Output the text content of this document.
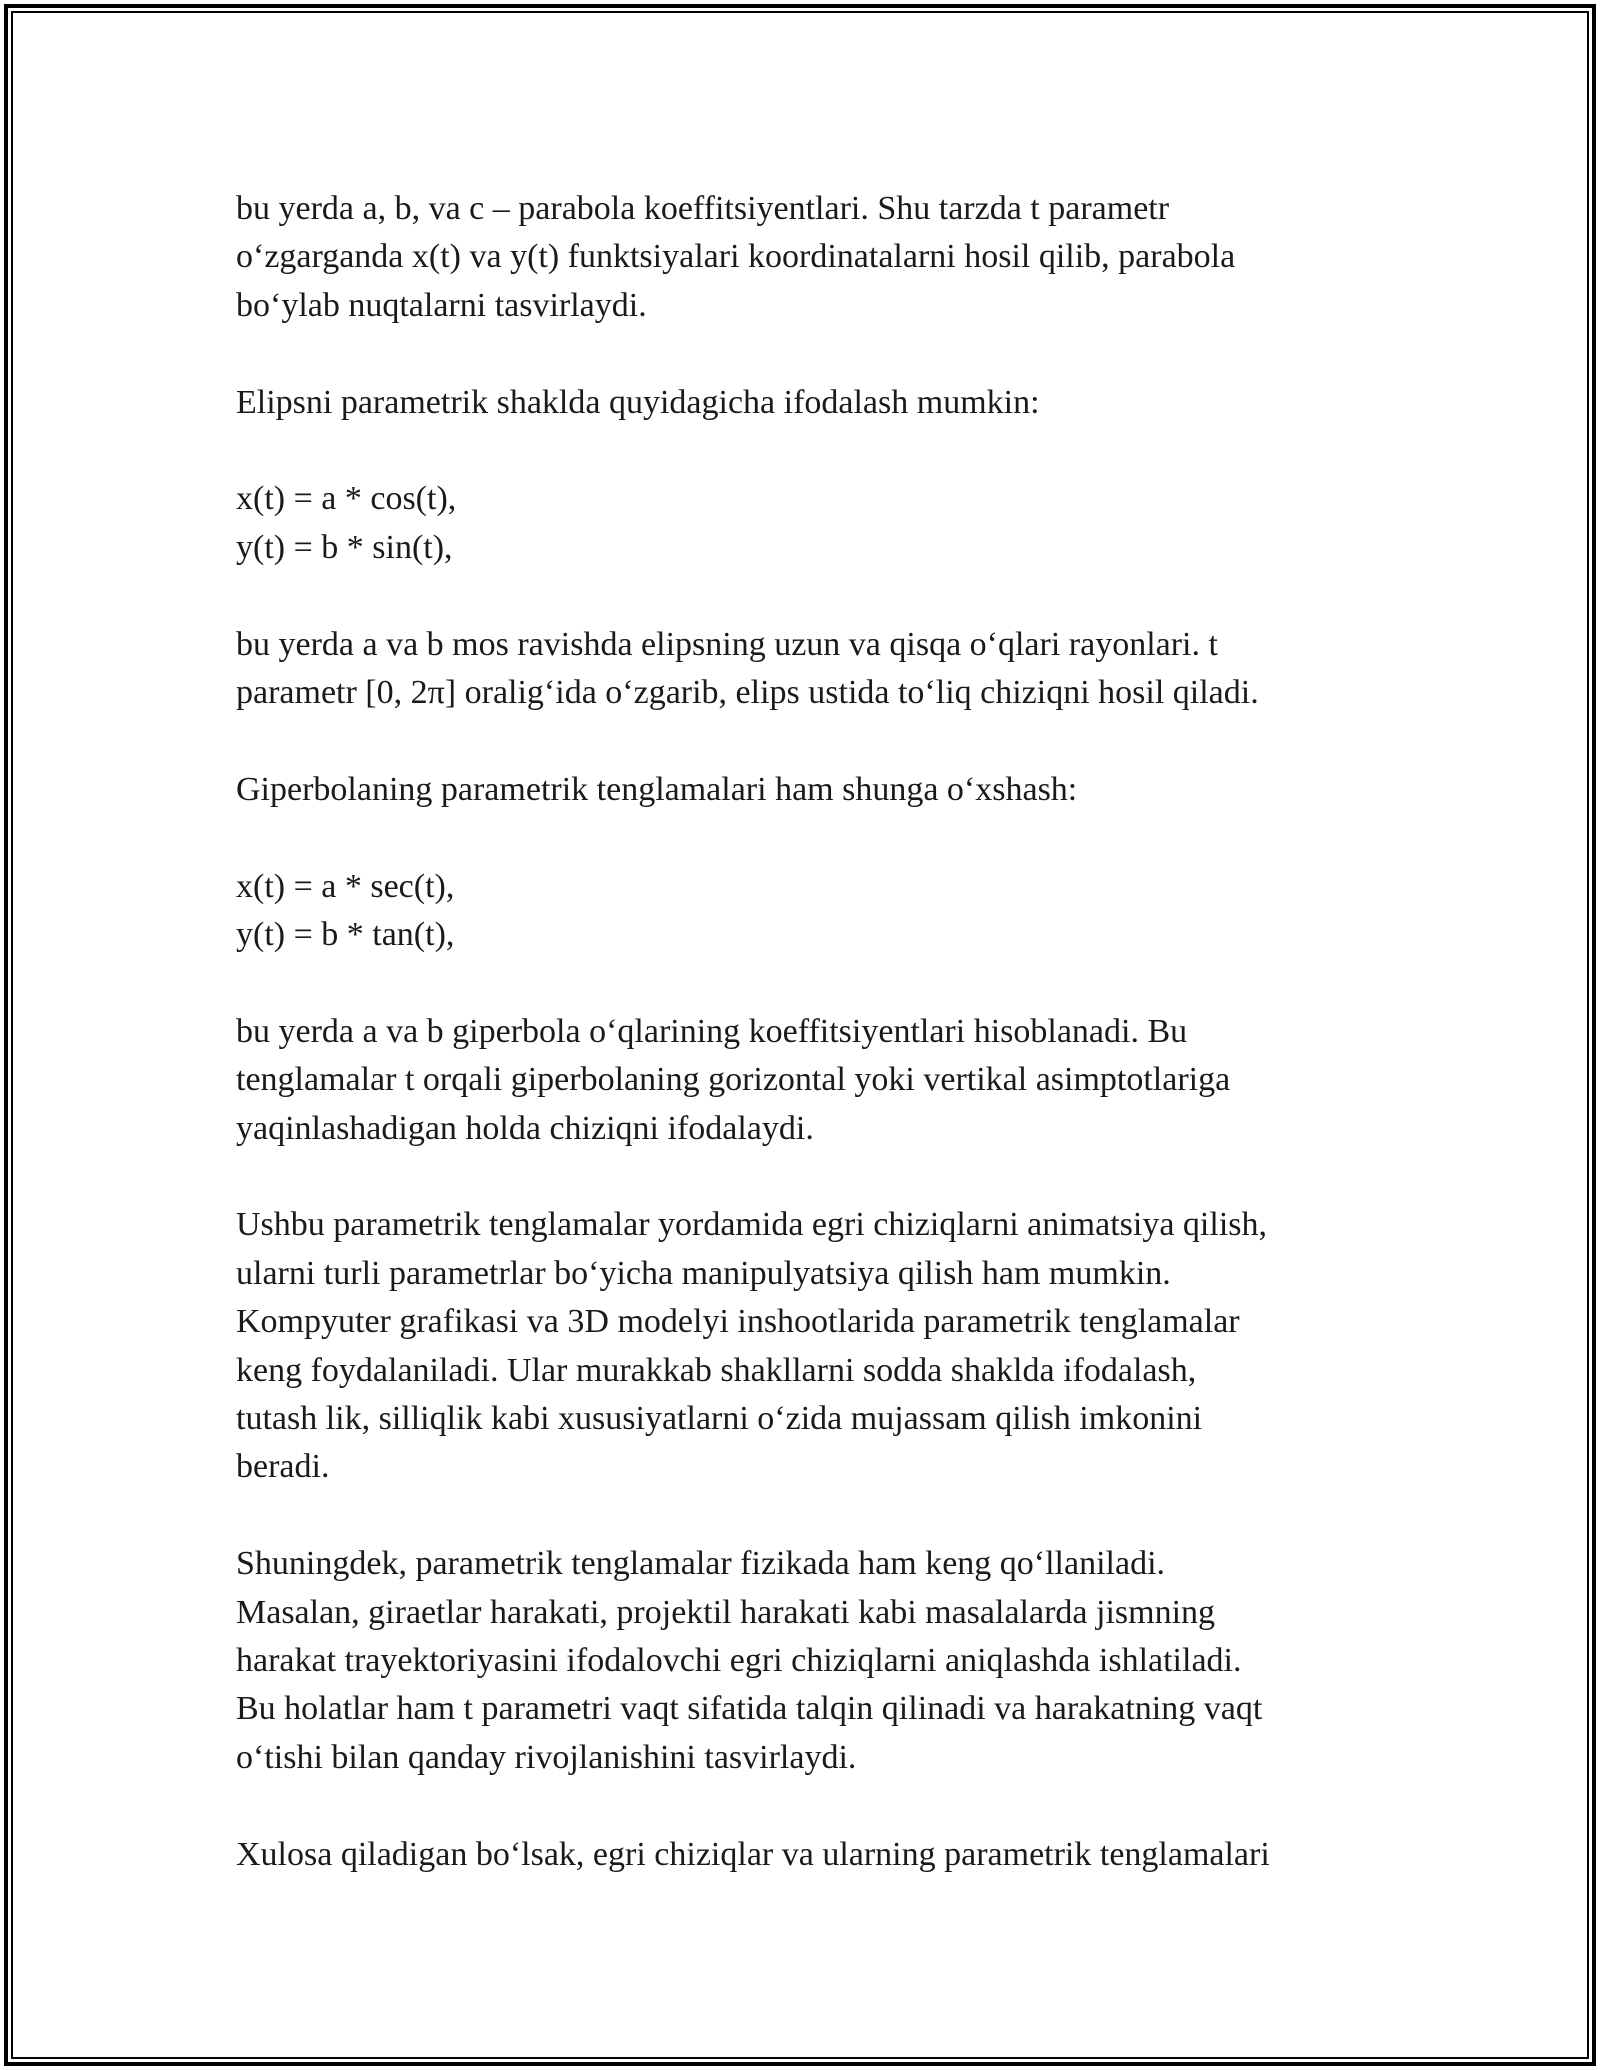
bu yerda a, b, va c – parabola koeffitsiyentlari. Shu tarzda t parametr
o‘zgarganda x(t) va y(t) funktsiyalari koordinatalarni hosil qilib, parabola
bo‘ylab nuqtalarni tasvirlaydi.

Elipsni parametrik shaklda quyidagicha ifodalash mumkin:

x(t) = a * cos(t),
y(t) = b * sin(t),

bu yerda a va b mos ravishda elipsning uzun va qisqa o‘qlari rayonlari. t
parametr [0, 2π] oralig‘ida o‘zgarib, elips ustida to‘liq chiziqni hosil qiladi.

Giperbolaning parametrik tenglamalari ham shunga o‘xshash:

x(t) = a * sec(t),
y(t) = b * tan(t),

bu yerda a va b giperbola o‘qlarining koeffitsiyentlari hisoblanadi. Bu
tenglamalar t orqali giperbolaning gorizontal yoki vertikal asimptotlariga
yaqinlashadigan holda chiziqni ifodalaydi.

Ushbu parametrik tenglamalar yordamida egri chiziqlarni animatsiya qilish,
ularni turli parametrlar bo‘yicha manipulyatsiya qilish ham mumkin.
Kompyuter grafikasi va 3D modelyi inshootlarida parametrik tenglamalar
keng foydalaniladi. Ular murakkab shakllarni sodda shaklda ifodalash,
tutash lik, silliqlik kabi xususiyatlarni o‘zida mujassam qilish imkonini
beradi.

Shuningdek, parametrik tenglamalar fizikada ham keng qo‘llaniladi.
Masalan, giraetlar harakati, projektil harakati kabi masalalarda jismning
harakat trayektoriyasini ifodalovchi egri chiziqlarni aniqlashda ishlatiladi.
Bu holatlar ham t parametri vaqt sifatida talqin qilinadi va harakatning vaqt
o‘tishi bilan qanday rivojlanishini tasvirlaydi.

Xulosa qiladigan bo‘lsak, egri chiziqlar va ularning parametrik tenglamalari
